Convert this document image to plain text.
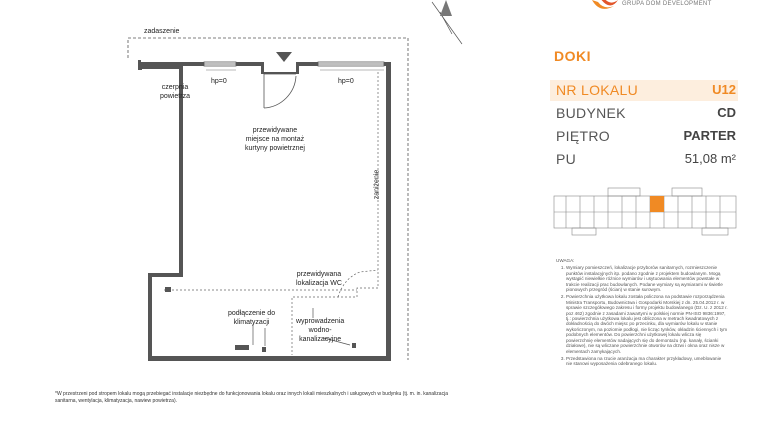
zadaszenie
czerpnia
powietrza
hp=0	hp=0
przewidywane
miejsce na montaż
kurtyny powietrznej
zaniżenie
przewidywana
lokalizacja WC
podłączenie do
klimatyzacji	wyprowadzenia
wodno-
kanalizacyjne
GRUPA DOM DEVELOPMENT
DOKI
NR LOKALU	U12
BUDYNEK	CD
PIĘTRO	PARTER
PU	51,08 m²
UWAGA:
1. Wymiary pomieszczeń, lokalizacje przyborów sanitarnych, rozmieszczenie punktów instalacyjnych itp. podano zgodnie z projektem budowlanym. Mogą wystąpić niewielkie różnice wymiarów i usytuowania elementów powstałe w trakcie realizacji prac budowlanych. Podane wymiary są wymiarami w świetle pionowych przegród (ścian) w stanie surowym.
2. Powierzchnia użytkowa lokalu została policzona na podstawie rozporządzenia Ministra Transportu, Budownictwa i Gospodarki Morskiej z dn. 25.04.2012 r. w sprawie szczegółowego zakresu i formy projektu budowlanego (Dz. U. z 2012 r. poz 462) zgodnie z zasadami zawartymi w polskiej normie PN-ISO 9836:1997, tj.: powierzchnia użytkowa lokalu jest obliczona w metrach kwadratowych z dokładnością do dwóch miejsc po przecinku, dla wymiarów lokalu w stanie wykończonym, na poziomie podłogi, nie licząc tynków, okładzin ściennych i tym podobnych elementów. Do powierzchni użytkowej lokalu wlicza się powierzchnię elementów nadających się do demontażu (np. kanały, ścianki działowe), nie są wliczane powierzchnie otworów na drzwi i okna oraz nisze w elementach zamykających.
3. Przedstawiona na rzucie aranżacja ma charakter przykładowy, umeblowanie nie stanowi wyposażenia odebranego lokalu.
*W przestrzeni pod stropem lokalu mogą przebiegać instalacje niezbędne do funkcjonowania lokalu oraz innych lokali mieszkalnych i usługowych w budynku (tj. m. in. kanalizacja sanitarna, wentylacja, klimatyzacja, nawiew powietrza).
